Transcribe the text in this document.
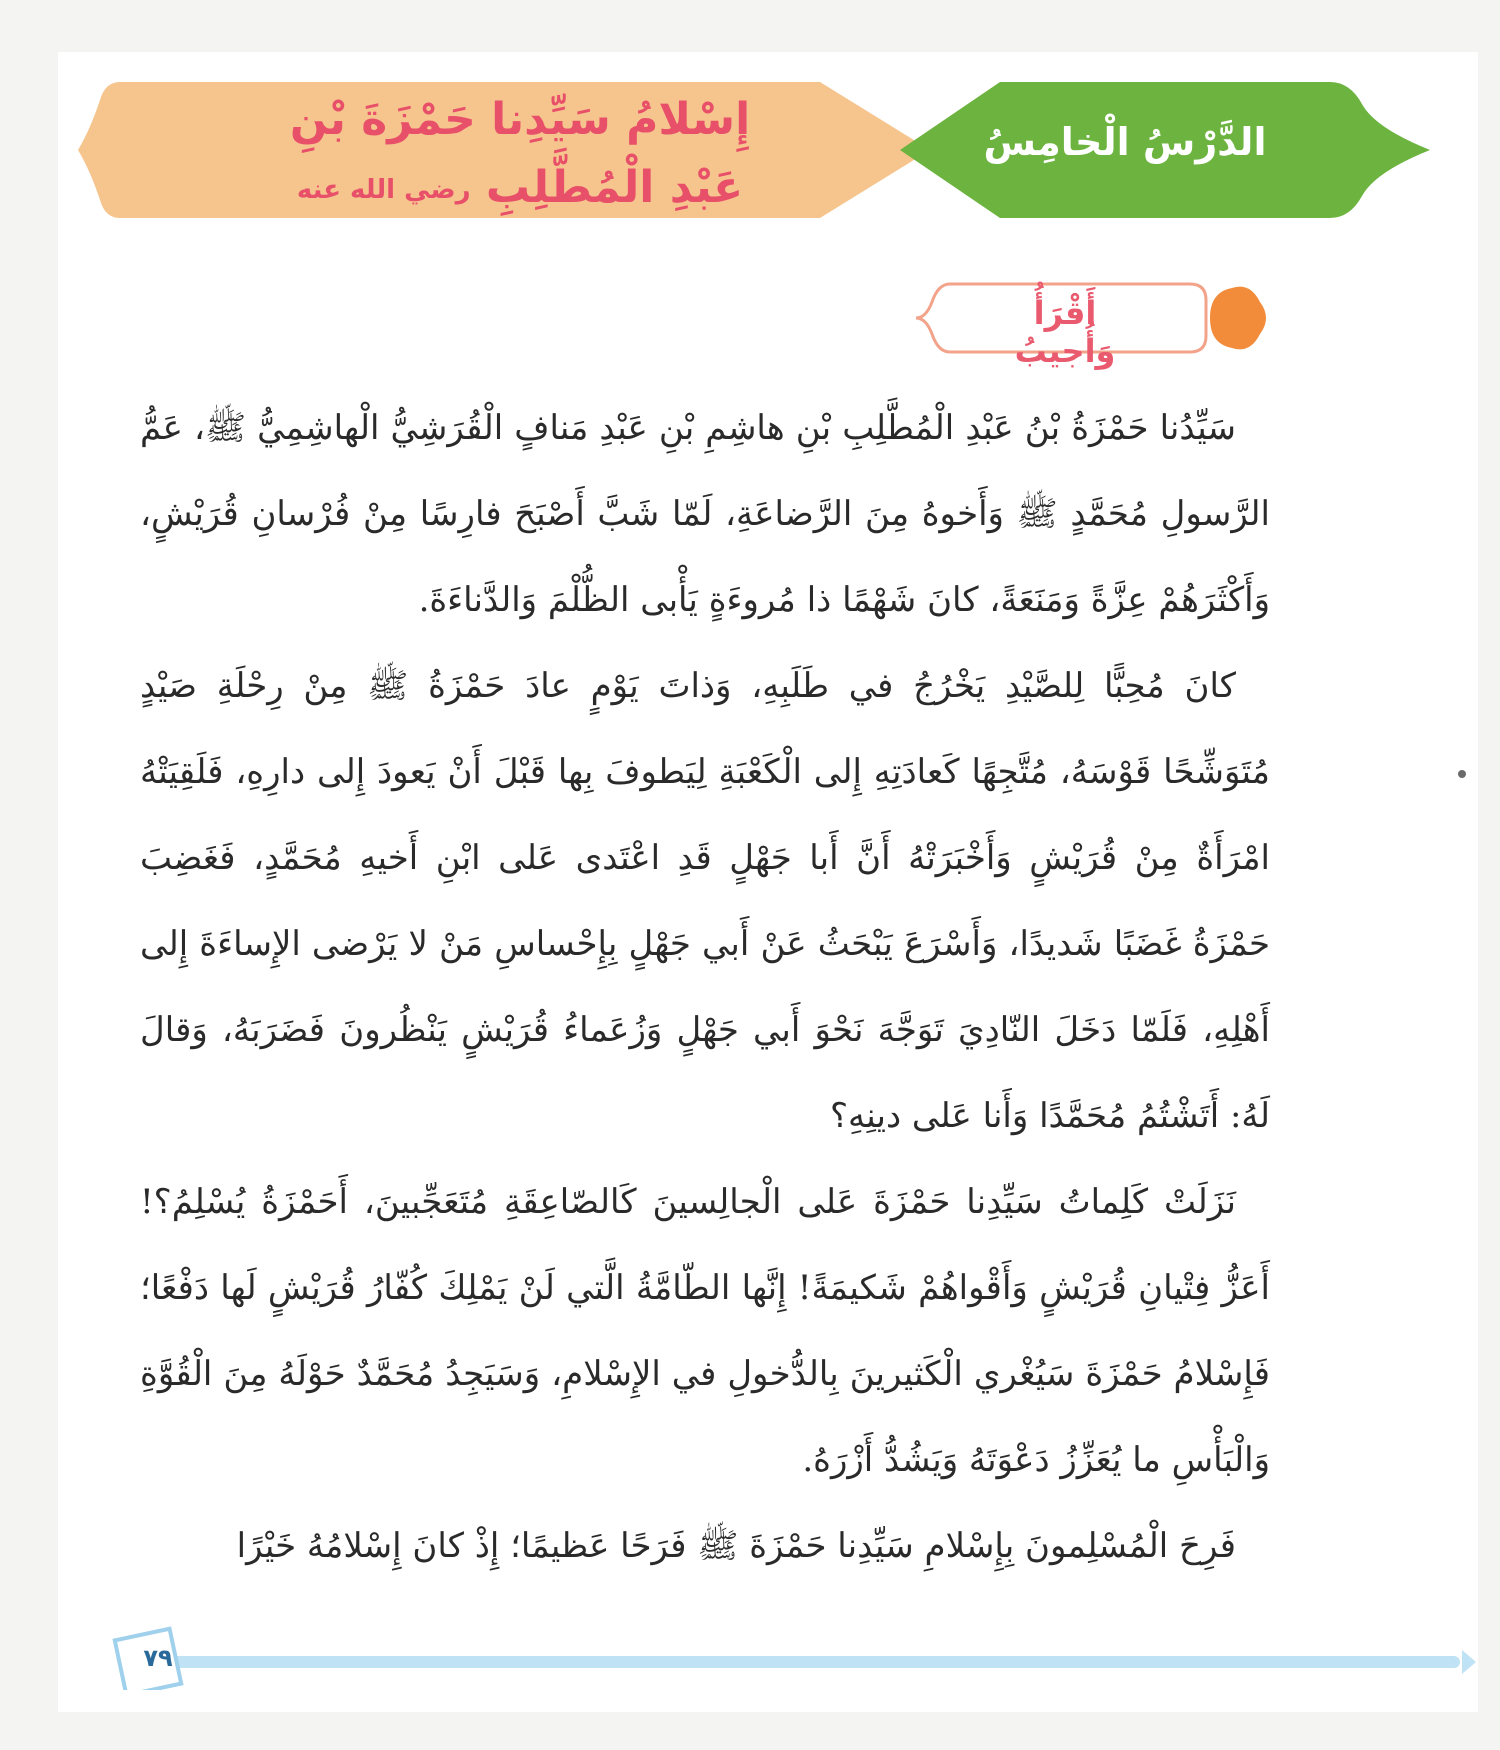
الدَّرْسُ الْخامِسُ
إِسْلامُ سَيِّدِنا حَمْزَةَ بْنِ
عَبْدِ الْمُطَّلِبِ رضي الله عنه
أَقْرَأُ وَأُجيبُ

سَيِّدُنا حَمْزَةُ بْنُ عَبْدِ الْمُطَّلِبِ بْنِ هاشِمِ بْنِ عَبْدِ مَنافٍ الْقُرَشِيُّ الْهاشِمِيُّ ﷺ، عَمُّ الرَّسولِ مُحَمَّدٍ ﷺ وَأَخوهُ مِنَ الرَّضاعَةِ، لَمّا شَبَّ أَصْبَحَ فارِسًا مِنْ فُرْسانِ قُرَيْشٍ، وَأَكْثَرَهُمْ عِزَّةً وَمَنَعَةً، كانَ شَهْمًا ذا مُروءَةٍ يَأْبى الظُّلْمَ وَالدَّناءَةَ.

كانَ مُحِبًّا لِلصَّيْدِ يَخْرُجُ في طَلَبِهِ، وَذاتَ يَوْمٍ عادَ حَمْزَةُ ﷺ مِنْ رِحْلَةِ صَيْدٍ مُتَوَشِّحًا قَوْسَهُ، مُتَّجِهًا كَعادَتِهِ إِلى الْكَعْبَةِ لِيَطوفَ بِها قَبْلَ أَنْ يَعودَ إِلى دارِهِ، فَلَقِيَتْهُ امْرَأَةٌ مِنْ قُرَيْشٍ وَأَخْبَرَتْهُ أَنَّ أَبا جَهْلٍ قَدِ اعْتَدى عَلى ابْنِ أَخيهِ مُحَمَّدٍ، فَغَضِبَ حَمْزَةُ غَضَبًا شَديدًا، وَأَسْرَعَ يَبْحَثُ عَنْ أَبي جَهْلٍ بِإِحْساسِ مَنْ لا يَرْضى الإِساءَةَ إِلى أَهْلِهِ، فَلَمّا دَخَلَ النّادِيَ تَوَجَّهَ نَحْوَ أَبي جَهْلٍ وَزُعَماءُ قُرَيْشٍ يَنْظُرونَ فَضَرَبَهُ، وَقالَ لَهُ: أَتَشْتُمُ مُحَمَّدًا وَأَنا عَلى دينِهِ؟

نَزَلَتْ كَلِماتُ سَيِّدِنا حَمْزَةَ عَلى الْجالِسينَ كَالصّاعِقَةِ مُتَعَجِّبينَ، أَحَمْزَةُ يُسْلِمُ؟! أَعَزُّ فِتْيانِ قُرَيْشٍ وَأَقْواهُمْ شَكيمَةً! إِنَّها الطّامَّةُ الَّتي لَنْ يَمْلِكَ كُفّارُ قُرَيْشٍ لَها دَفْعًا؛ فَإِسْلامُ حَمْزَةَ سَيُغْري الْكَثيرينَ بِالدُّخولِ في الإِسْلامِ، وَسَيَجِدُ مُحَمَّدٌ حَوْلَهُ مِنَ الْقُوَّةِ وَالْبَأْسِ ما يُعَزِّزُ دَعْوَتَهُ وَيَشُدُّ أَزْرَهُ.

فَرِحَ الْمُسْلِمونَ بِإِسْلامِ سَيِّدِنا حَمْزَةَ ﷺ فَرَحًا عَظيمًا؛ إِذْ كانَ إِسْلامُهُ خَيْرًا

٧٩
